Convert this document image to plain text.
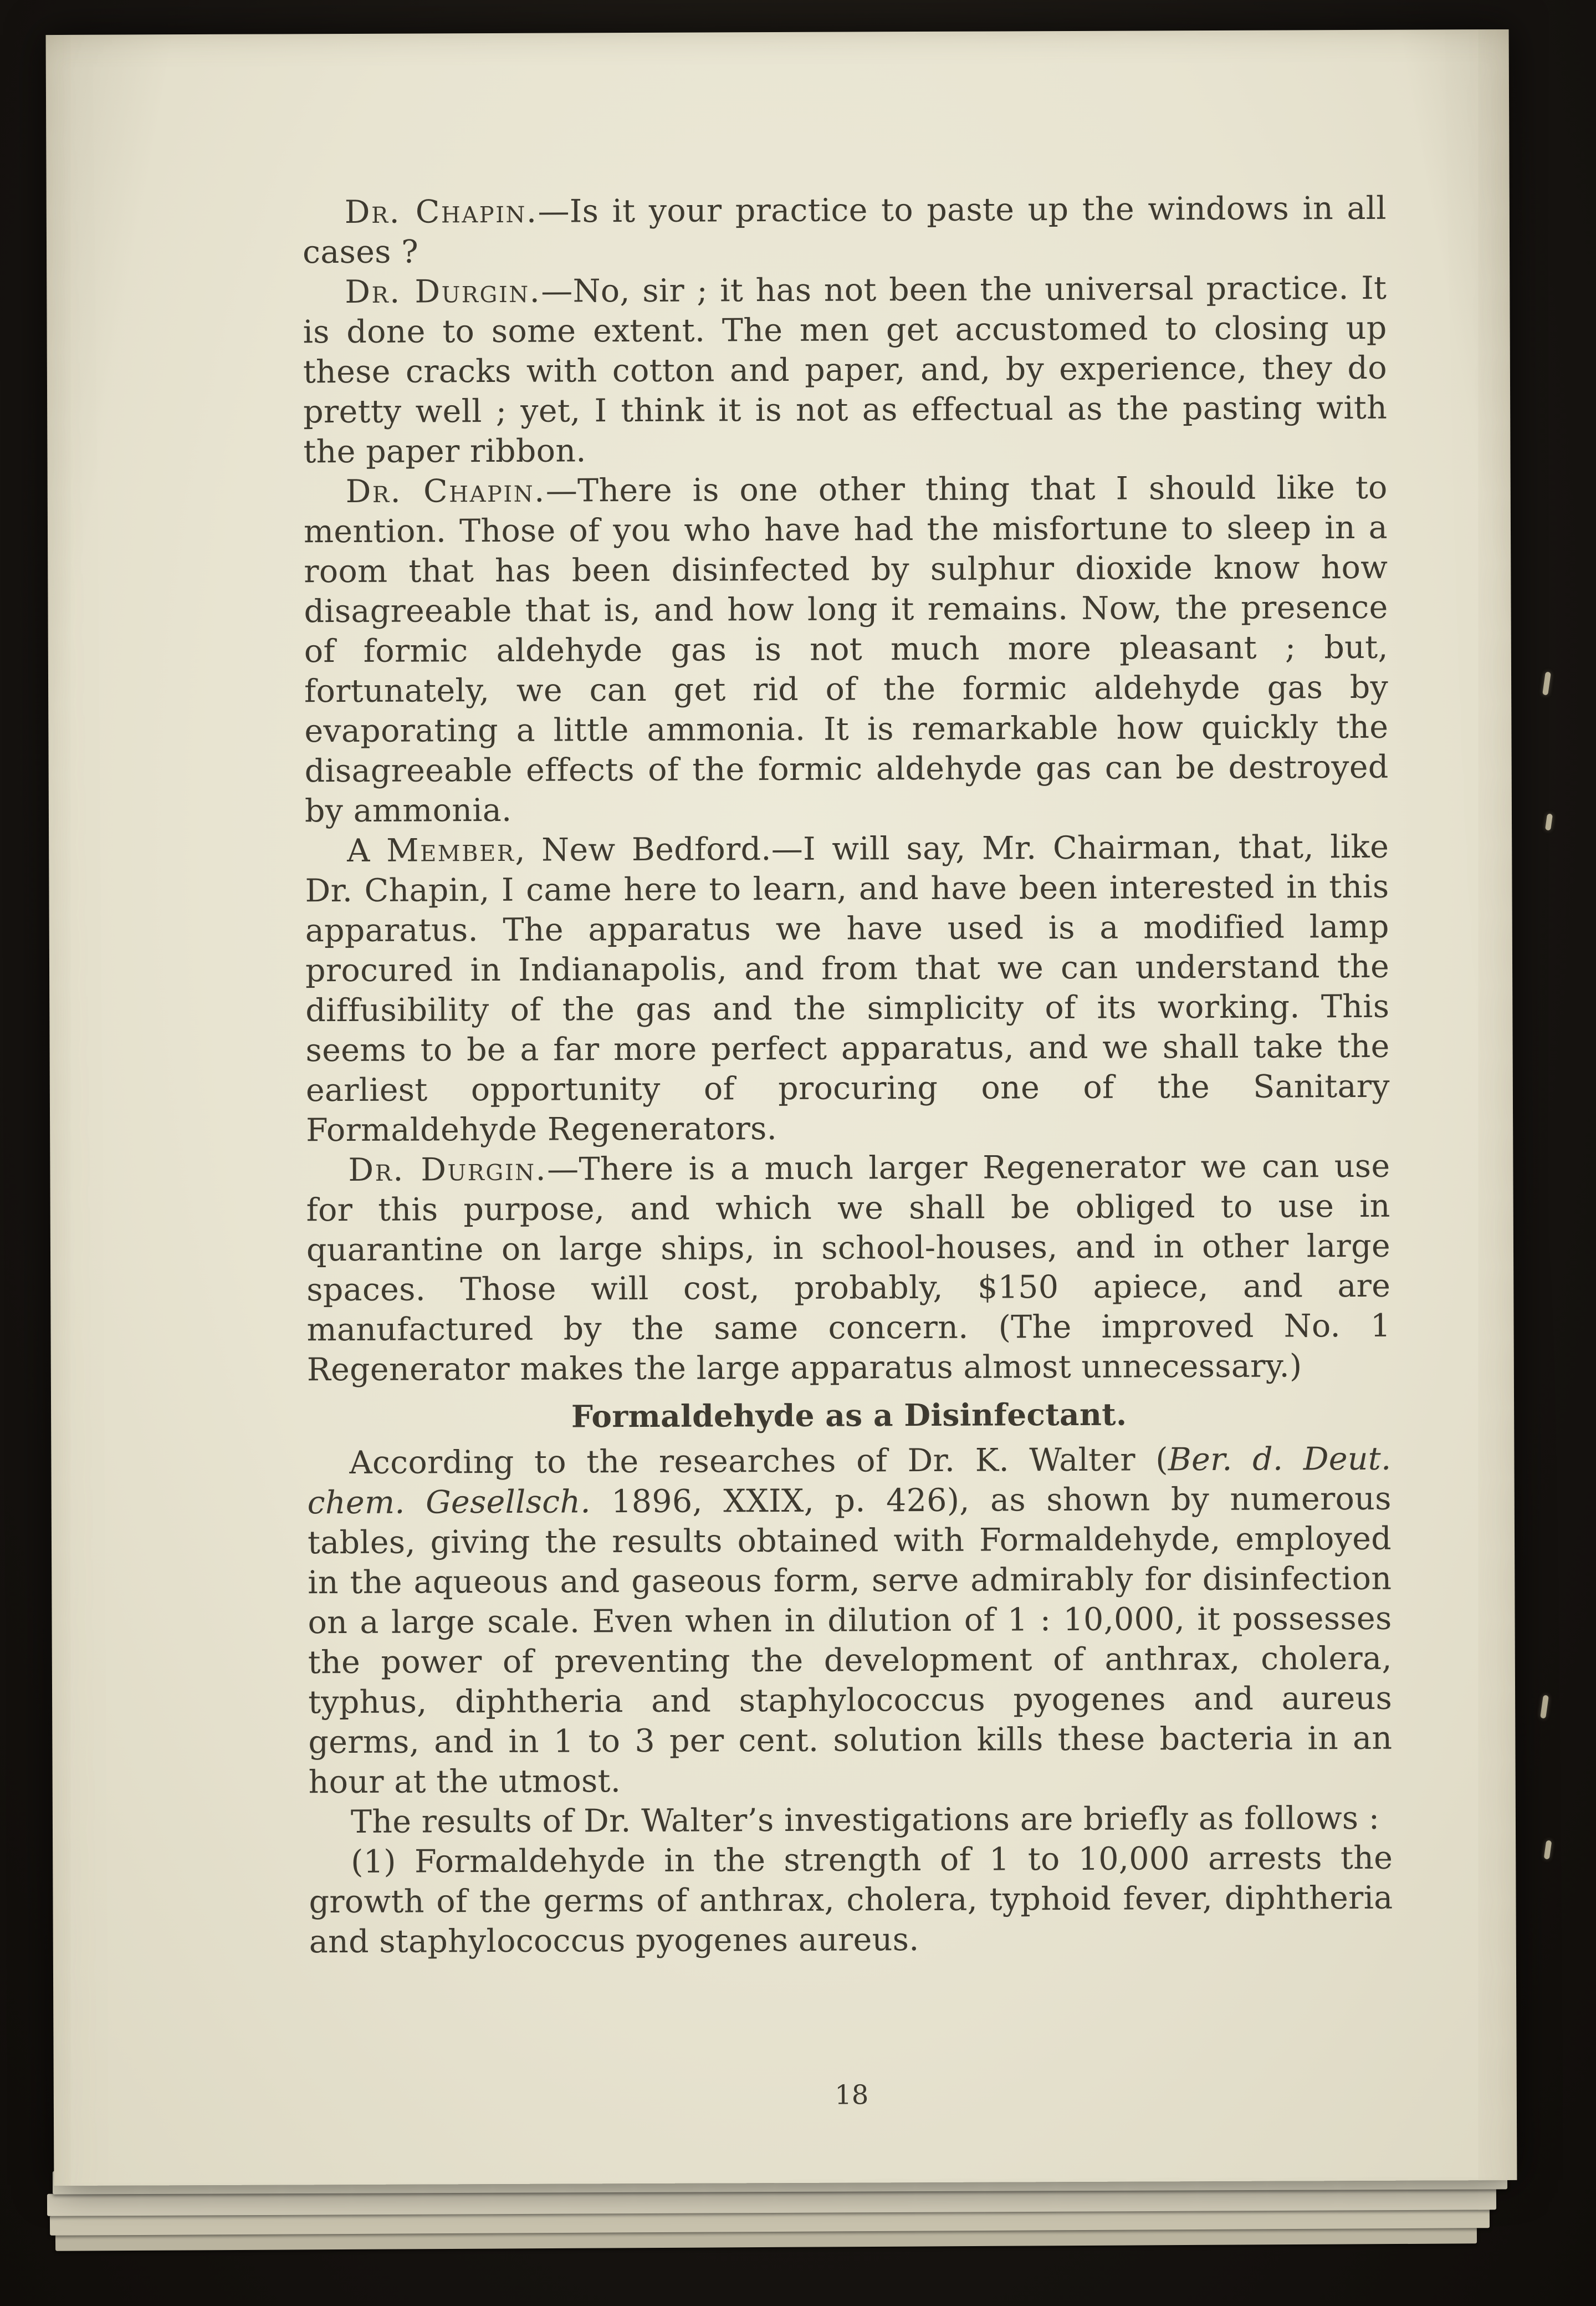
Dr. Chapin.—Is it your practice to paste up the windows in all cases ?

Dr. Durgin.—No, sir ; it has not been the universal practice. It is done to some extent. The men get accustomed to closing up these cracks with cotton and paper, and, by experience, they do pretty well ; yet, I think it is not as effectual as the pasting with the paper ribbon.

Dr. Chapin.—There is one other thing that I should like to mention. Those of you who have had the misfortune to sleep in a room that has been disinfected by sulphur dioxide know how disagreeable that is, and how long it remains. Now, the presence of formic aldehyde gas is not much more pleasant ; but, fortunately, we can get rid of the formic aldehyde gas by evaporating a little ammonia. It is remarkable how quickly the disagreeable effects of the formic aldehyde gas can be destroyed by ammonia.

A Member, New Bedford.—I will say, Mr. Chairman, that, like Dr. Chapin, I came here to learn, and have been interested in this apparatus. The apparatus we have used is a modified lamp procured in Indianapolis, and from that we can understand the diffusibility of the gas and the simplicity of its working. This seems to be a far more perfect apparatus, and we shall take the earliest opportunity of procuring one of the Sanitary Formaldehyde Regenerators.

Dr. Durgin.—There is a much larger Regenerator we can use for this purpose, and which we shall be obliged to use in quarantine on large ships, in school-houses, and in other large spaces. Those will cost, probably, $150 apiece, and are manufactured by the same concern. (The improved No. 1 Regenerator makes the large apparatus almost unnecessary.)

Formaldehyde as a Disinfectant.

According to the researches of Dr. K. Walter (Ber. d. Deut. chem. Gesellsch. 1896, XXIX, p. 426), as shown by numerous tables, giving the results obtained with Formaldehyde, employed in the aqueous and gaseous form, serve admirably for disinfection on a large scale. Even when in dilution of 1 : 10,000, it possesses the power of preventing the development of anthrax, cholera, typhus, diphtheria and staphylococcus pyogenes and aureus germs, and in 1 to 3 per cent. solution kills these bacteria in an hour at the utmost.

The results of Dr. Walter’s investigations are briefly as follows :

(1) Formaldehyde in the strength of 1 to 10,000 arrests the growth of the germs of anthrax, cholera, typhoid fever, diphtheria and staphylococcus pyogenes aureus.

18
